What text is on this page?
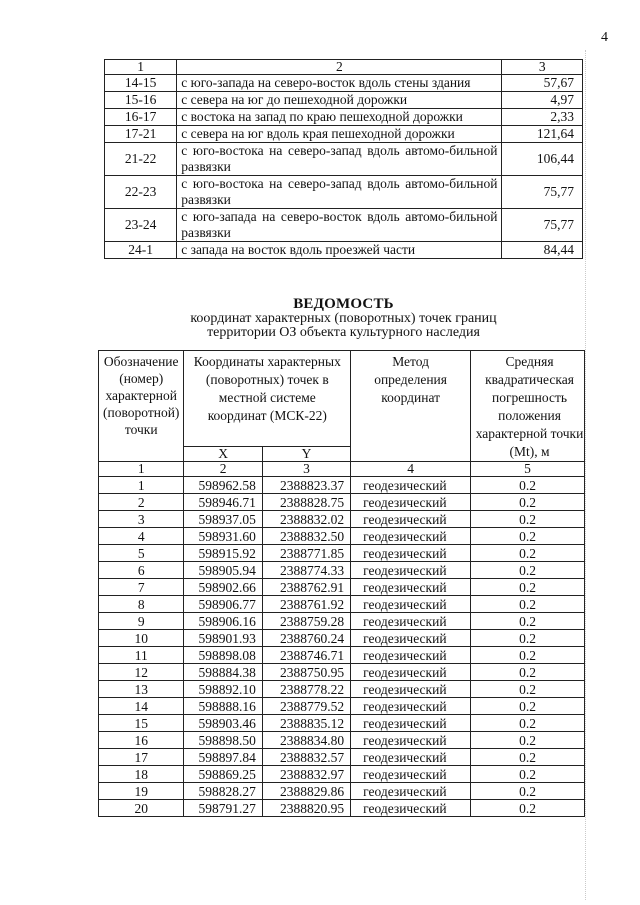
4
1	2	3
14-15	с юго-запада на северо-восток вдоль стены здания	57,67
15-16	с севера на юг до пешеходной дорожки	4,97
16-17	с востока на запад по краю пешеходной дорожки	2,33
17-21	с севера на юг вдоль края пешеходной дорожки	121,64
21-22	с юго-востока на северо-запад вдоль автомо-бильной развязки	106,44
22-23	с юго-востока на северо-запад вдоль автомо-бильной развязки	75,77
23-24	с юго-запада на северо-восток вдоль автомо-бильной развязки	75,77
24-1	с запада на восток вдоль проезжей части	84,44
ВЕДОМОСТЬ
координат характерных (поворотных) точек границ
территории ОЗ объекта культурного наследия
Обозначение (номер) характерной (поворотной) точки	Координаты характерных (поворотных) точек в местной системе координат (МСК-22)		Метод определения координат	Средняя квадратическая погрешность положения характерной точки (Mt), м
	X	Y		
1	2	3	4	5
1	598962.58	2388823.37	геодезический	0.2
2	598946.71	2388828.75	геодезический	0.2
3	598937.05	2388832.02	геодезический	0.2
4	598931.60	2388832.50	геодезический	0.2
5	598915.92	2388771.85	геодезический	0.2
6	598905.94	2388774.33	геодезический	0.2
7	598902.66	2388762.91	геодезический	0.2
8	598906.77	2388761.92	геодезический	0.2
9	598906.16	2388759.28	геодезический	0.2
10	598901.93	2388760.24	геодезический	0.2
11	598898.08	2388746.71	геодезический	0.2
12	598884.38	2388750.95	геодезический	0.2
13	598892.10	2388778.22	геодезический	0.2
14	598888.16	2388779.52	геодезический	0.2
15	598903.46	2388835.12	геодезический	0.2
16	598898.50	2388834.80	геодезический	0.2
17	598897.84	2388832.57	геодезический	0.2
18	598869.25	2388832.97	геодезический	0.2
19	598828.27	2388829.86	геодезический	0.2
20	598791.27	2388820.95	геодезический	0.2
